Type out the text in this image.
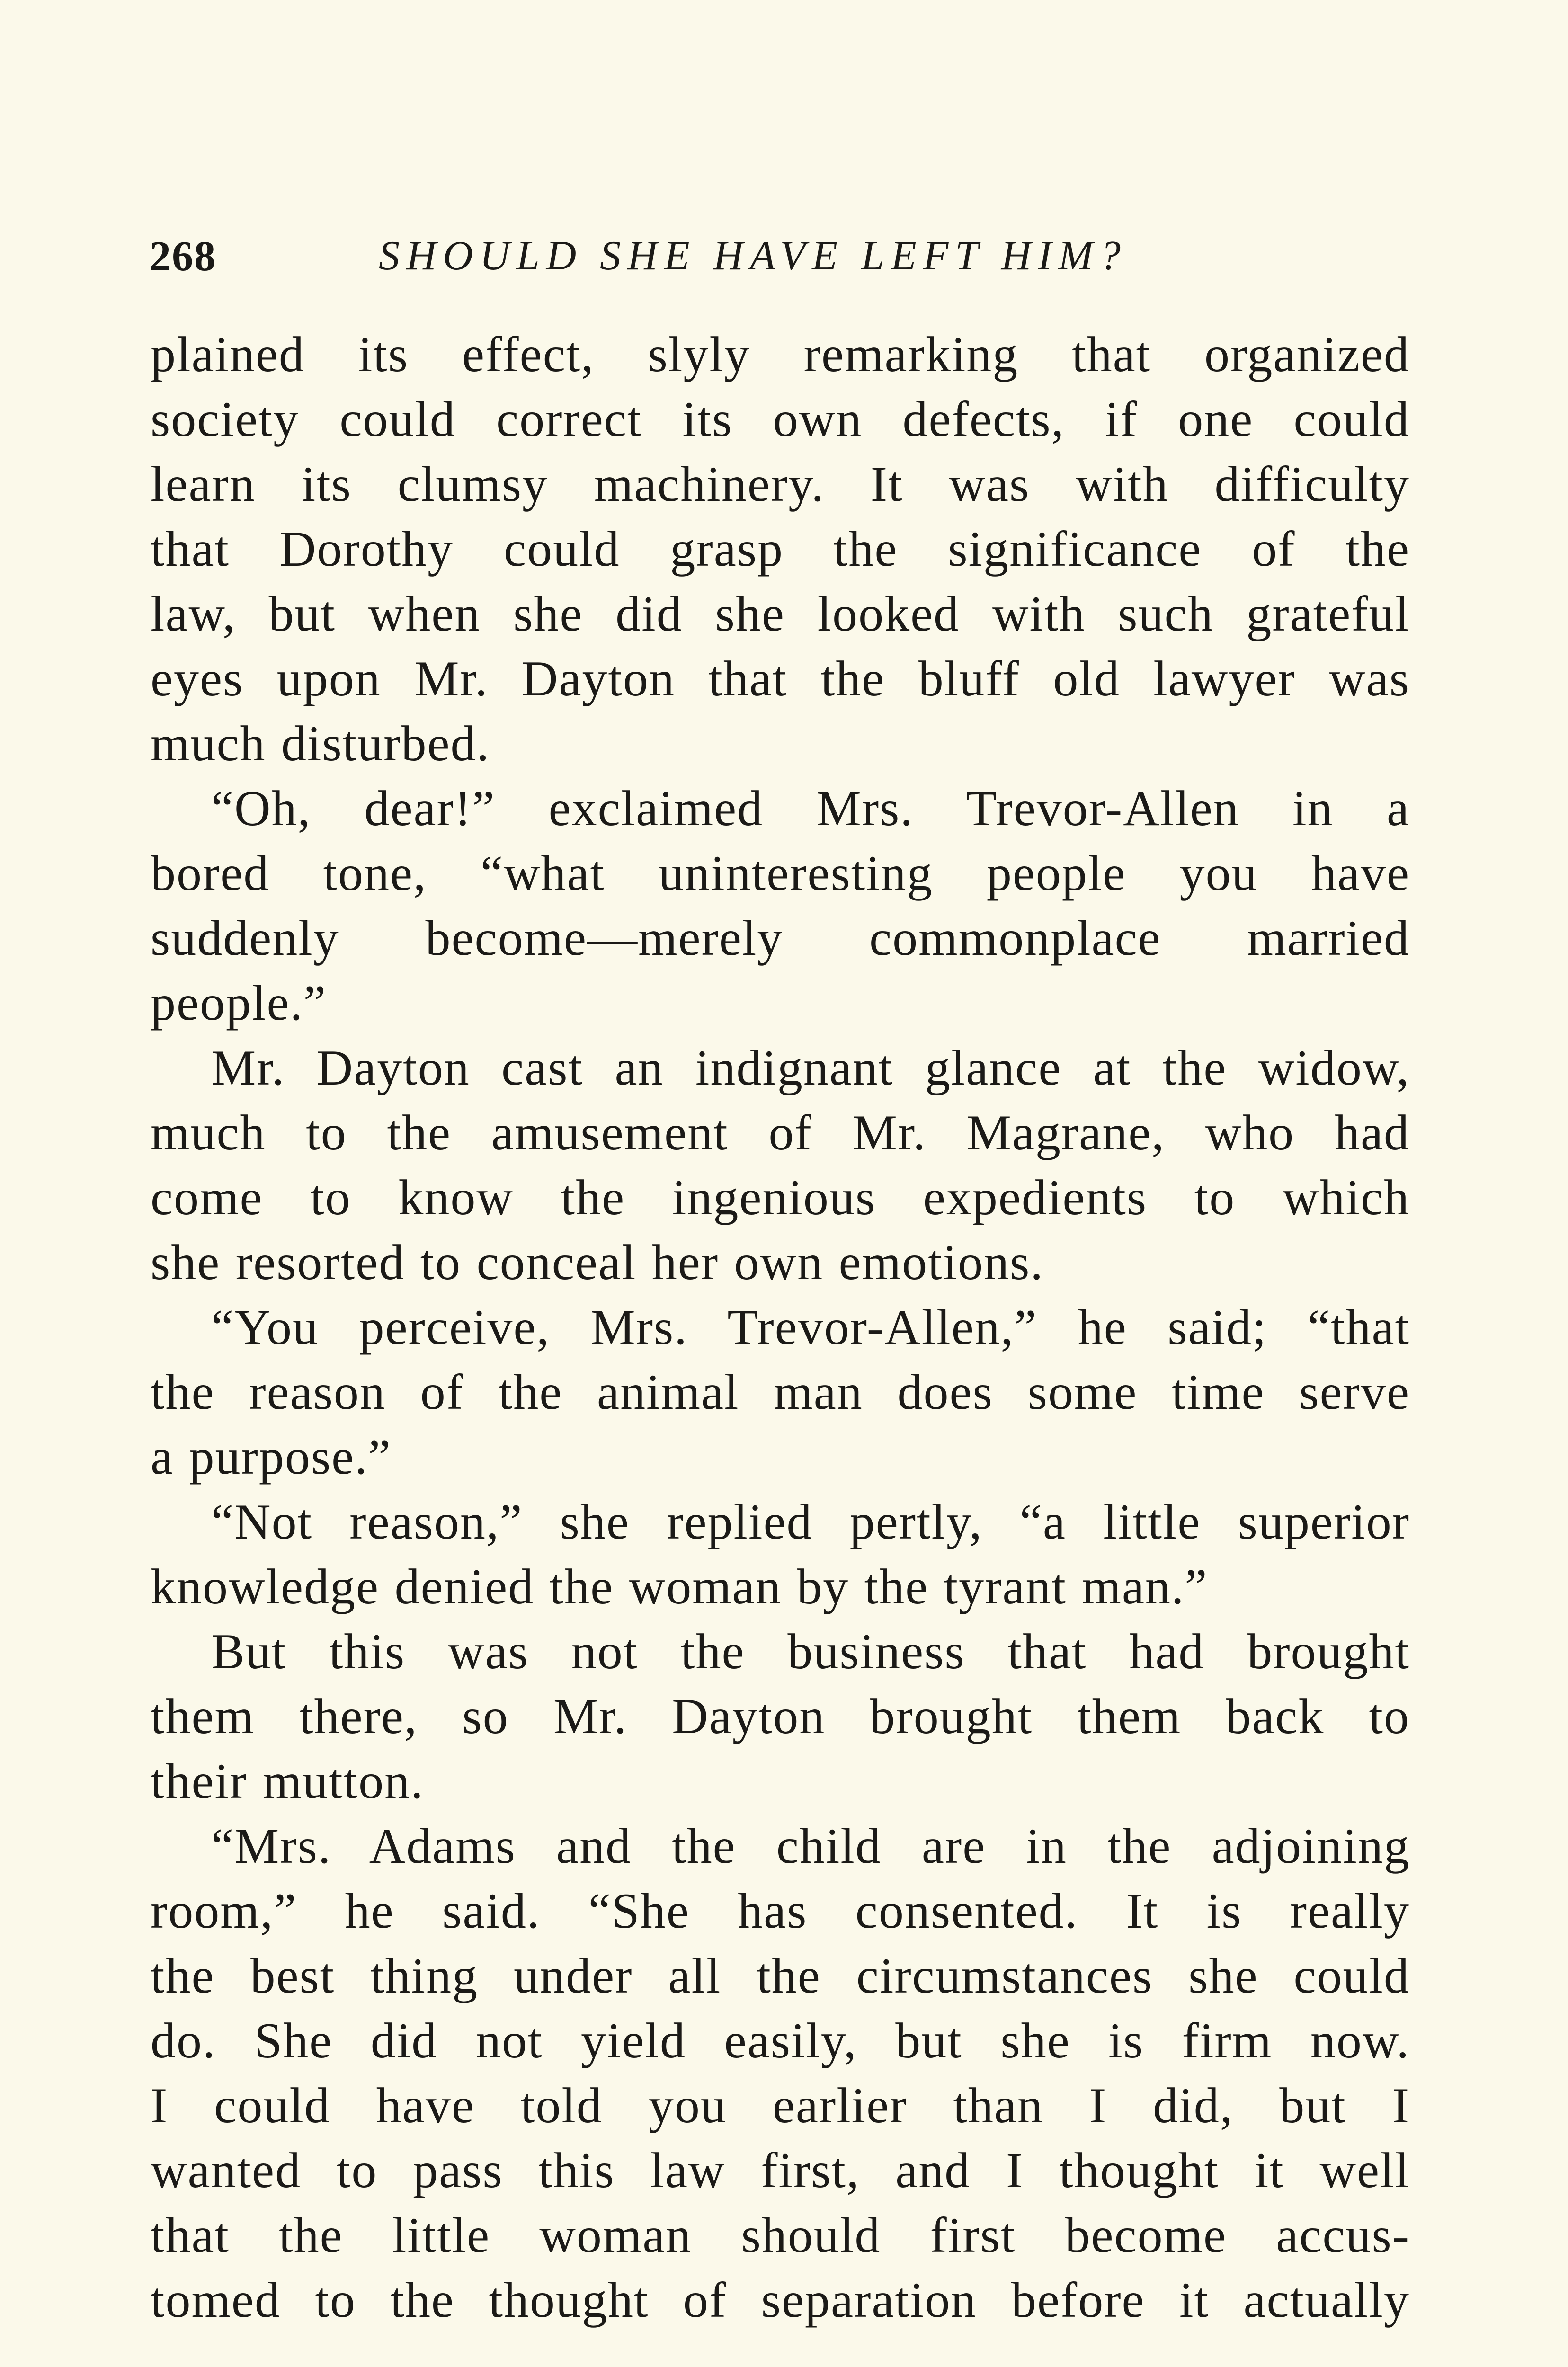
268	SHOULD SHE HAVE LEFT HIM?

plained its effect, slyly remarking that organized

society could correct its own defects, if one could

learn its clumsy machinery. It was with difficulty

that Dorothy could grasp the significance of the

law, but when she did she looked with such grateful

eyes upon Mr. Dayton that the bluff old lawyer was

much disturbed.

“Oh, dear!” exclaimed Mrs. Trevor-Allen in a

bored tone, “what uninteresting people you have

suddenly become—merely commonplace married

people.”

Mr. Dayton cast an indignant glance at the widow,

much to the amusement of Mr. Magrane, who had

come to know the ingenious expedients to which

she resorted to conceal her own emotions.

“You perceive, Mrs. Trevor-Allen,” he said; “that

the reason of the animal man does some time serve

a purpose.”

“Not reason,” she replied pertly, “a little superior

knowledge denied the woman by the tyrant man.”

But this was not the business that had brought

them there, so Mr. Dayton brought them back to

their mutton.

“Mrs. Adams and the child are in the adjoining

room,” he said. “She has consented. It is really

the best thing under all the circumstances she could

do. She did not yield easily, but she is firm now.

I could have told you earlier than I did, but I

wanted to pass this law first, and I thought it well

that the little woman should first become accus-

tomed to the thought of separation before it actually
